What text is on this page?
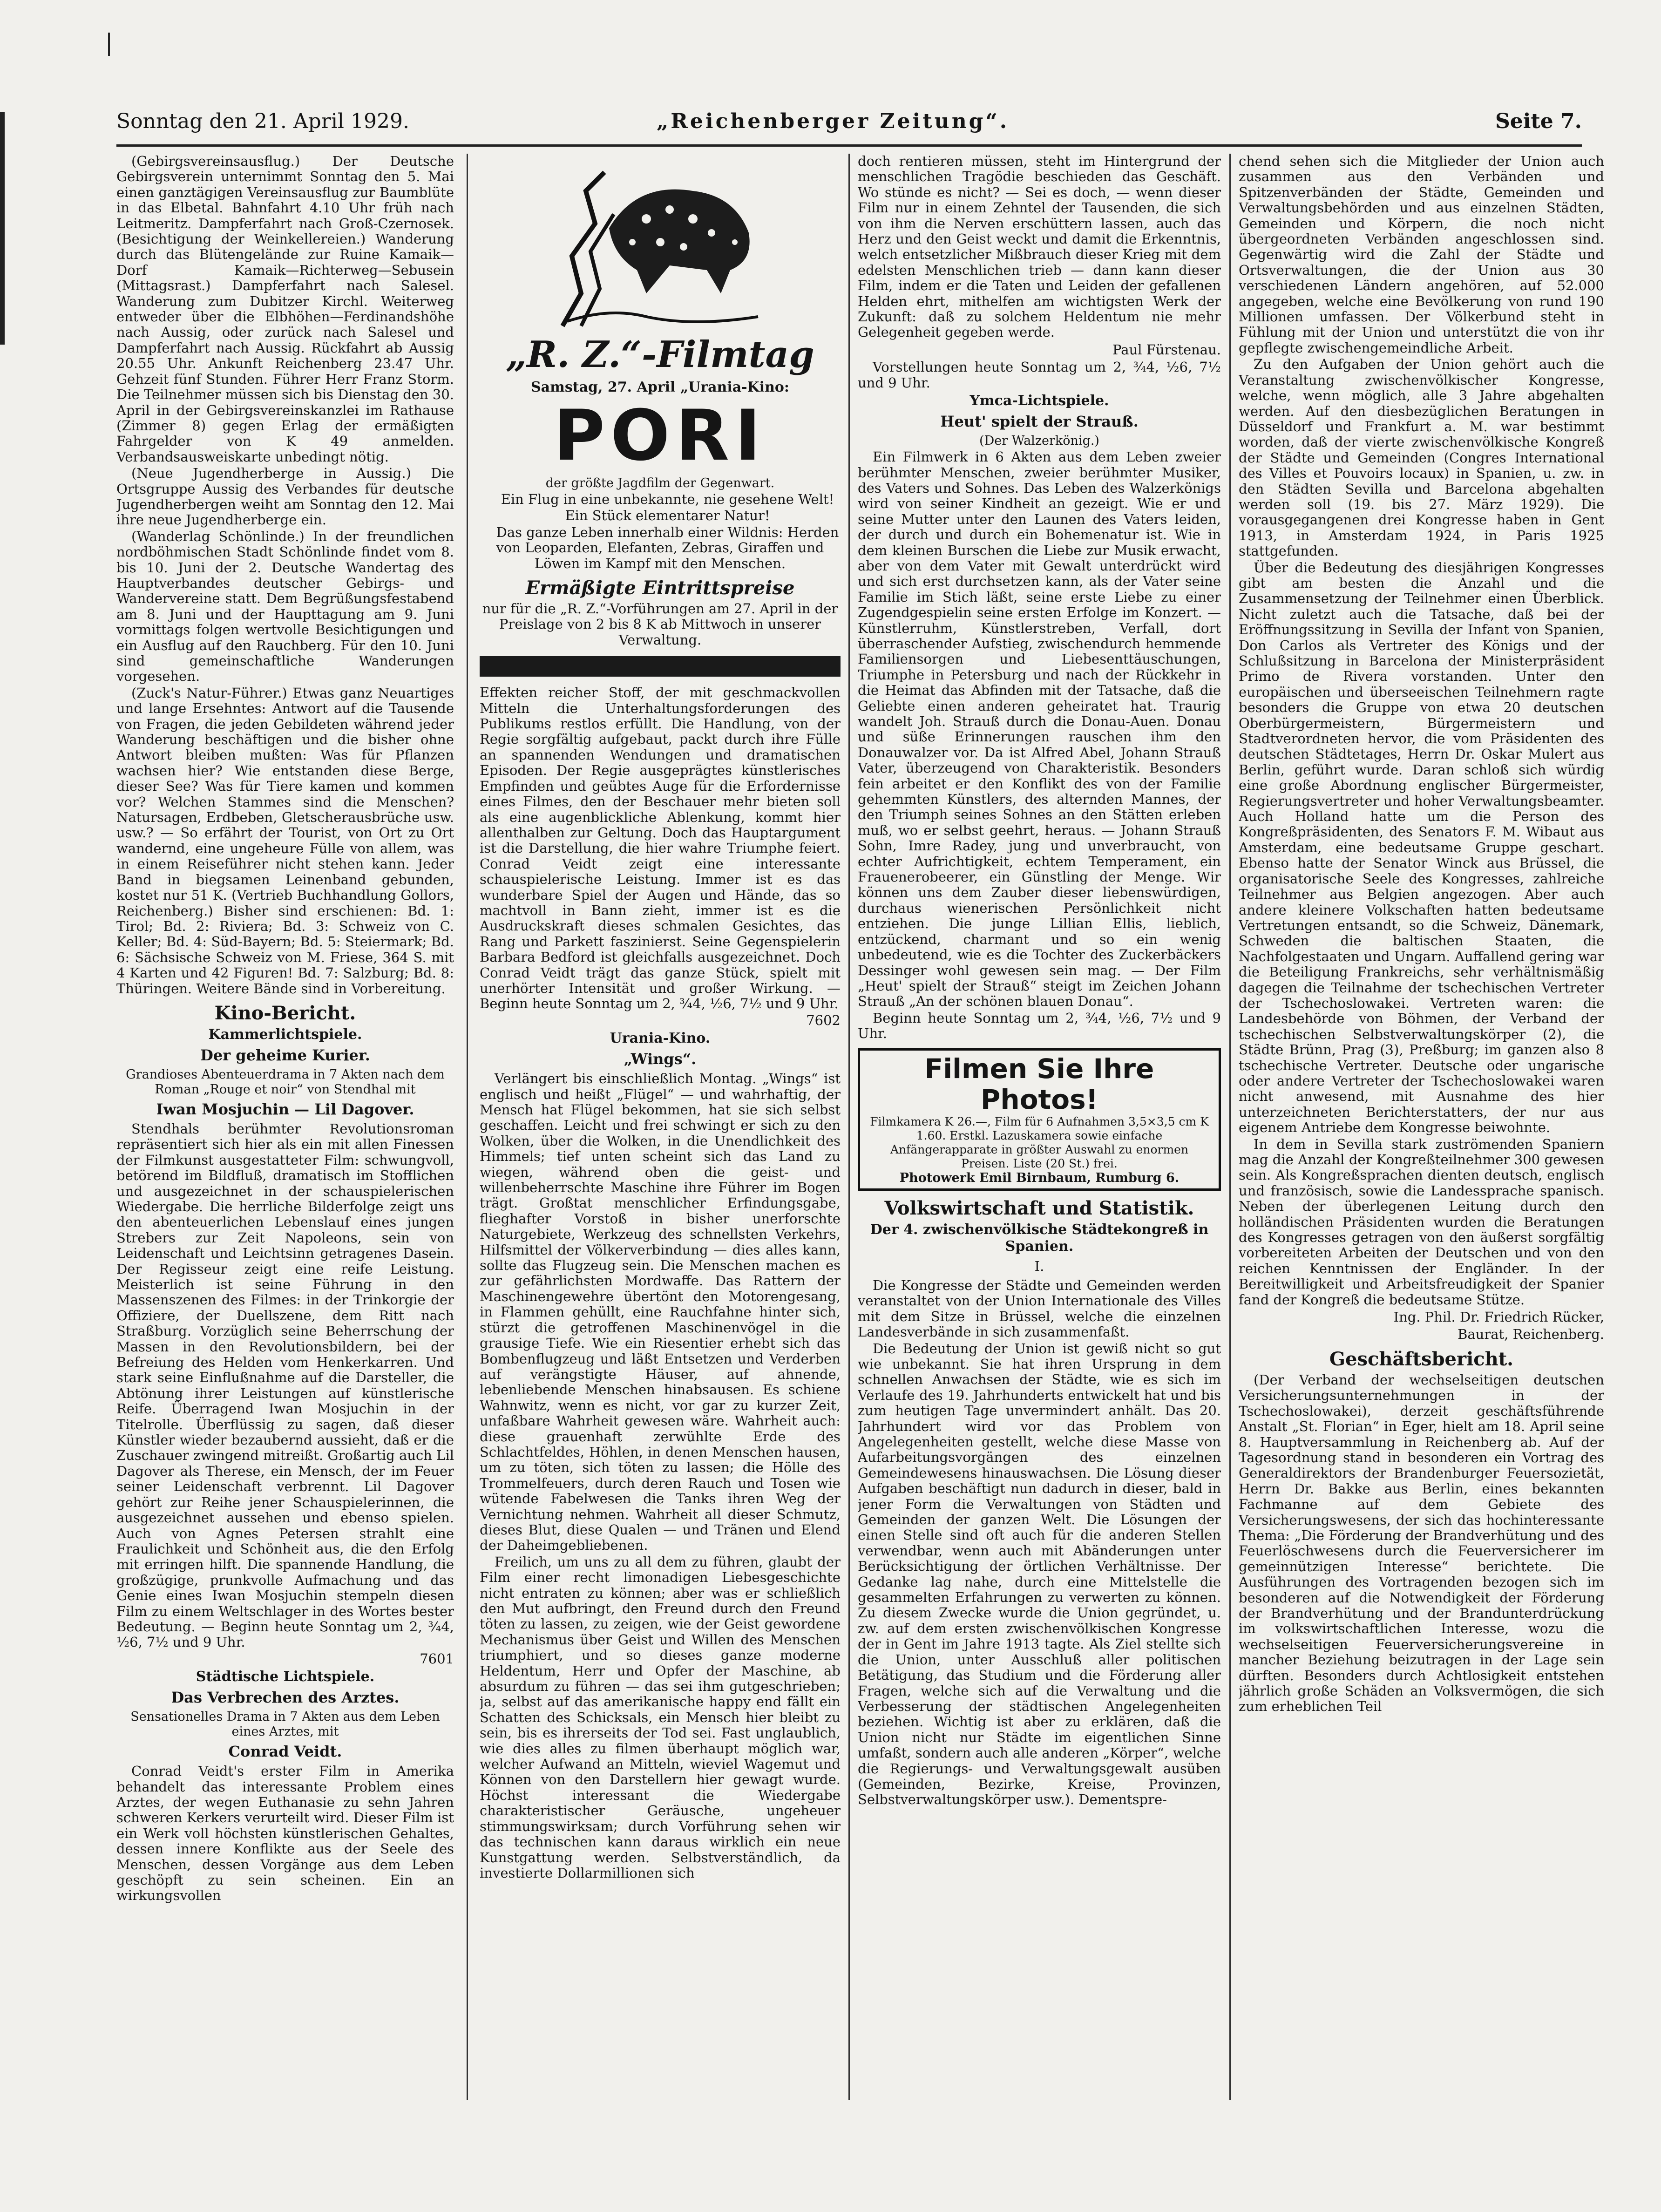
Sonntag den 21. April 1929.	„Reichenberger Zeitung“.	Seite 7.

(Gebirgsvereinsausflug.) Der Deutsche Gebirgsverein unternimmt Sonntag den 5. Mai einen ganztägigen Vereinsausflug zur Baumblüte in das Elbetal. Bahnfahrt 4.10 Uhr früh nach Leitmeritz. Dampferfahrt nach Groß-Czernosek. (Besichtigung der Weinkellereien.) Wanderung durch das Blütengelände zur Ruine Kamaik—Dorf Kamaik—Richterweg—Sebusein (Mittagsrast.) Dampferfahrt nach Salesel. Wanderung zum Dubitzer Kirchl. Weiterweg entweder über die Elbhöhen—Ferdinandshöhe nach Aussig, oder zurück nach Salesel und Dampferfahrt nach Aussig. Rückfahrt ab Aussig 20.55 Uhr. Ankunft Reichenberg 23.47 Uhr. Gehzeit fünf Stunden. Führer Herr Franz Storm. Die Teilnehmer müssen sich bis Dienstag den 30. April in der Gebirgsvereinskanzlei im Rathause (Zimmer 8) gegen Erlag der ermäßigten Fahrgelder von K 49 anmelden. Verbandsausweiskarte unbedingt nötig.

(Neue Jugendherberge in Aussig.) Die Ortsgruppe Aussig des Verbandes für deutsche Jugendherbergen weiht am Sonntag den 12. Mai ihre neue Jugendherberge ein.

(Wanderlag Schönlinde.) In der freundlichen nordböhmischen Stadt Schönlinde findet vom 8. bis 10. Juni der 2. Deutsche Wandertag des Hauptverbandes deutscher Gebirgs- und Wandervereine statt. Dem Begrüßungsfestabend am 8. Juni und der Haupttagung am 9. Juni vormittags folgen wertvolle Besichtigungen und ein Ausflug auf den Rauchberg. Für den 10. Juni sind gemeinschaftliche Wanderungen vorgesehen.

(Zuck's Natur-Führer.) Etwas ganz Neuartiges und lange Ersehntes: Antwort auf die Tausende von Fragen, die jeden Gebildeten während jeder Wanderung beschäftigen und die bisher ohne Antwort bleiben mußten: Was für Pflanzen wachsen hier? Wie entstanden diese Berge, dieser See? Was für Tiere kamen und kommen vor? Welchen Stammes sind die Menschen? Natursagen, Erdbeben, Gletscherausbrüche usw. usw.? — So erfährt der Tourist, von Ort zu Ort wandernd, eine ungeheure Fülle von allem, was in einem Reiseführer nicht stehen kann. Jeder Band in biegsamen Leinenband gebunden, kostet nur 51 K. (Vertrieb Buchhandlung Gollors, Reichenberg.) Bisher sind erschienen: Bd. 1: Tirol; Bd. 2: Riviera; Bd. 3: Schweiz von C. Keller; Bd. 4: Süd-Bayern; Bd. 5: Steiermark; Bd. 6: Sächsische Schweiz von M. Friese, 364 S. mit 4 Karten und 42 Figuren! Bd. 7: Salzburg; Bd. 8: Thüringen. Weitere Bände sind in Vorbereitung.

Kino-Bericht.
Kammerlichtspiele.
Der geheime Kurier.
Grandioses Abenteuerdrama in 7 Akten nach dem Roman „Rouge et noir“ von Stendhal mit
Iwan Mosjuchin — Lil Dagover.

Stendhals berühmter Revolutionsroman repräsentiert sich hier als ein mit allen Finessen der Filmkunst ausgestatteter Film: schwungvoll, betörend im Bildfluß, dramatisch im Stofflichen und ausgezeichnet in der schauspielerischen Wiedergabe. Die herrliche Bilderfolge zeigt uns den abenteuerlichen Lebenslauf eines jungen Strebers zur Zeit Napoleons, sein von Leidenschaft und Leichtsinn getragenes Dasein. Der Regisseur zeigt eine reife Leistung. Meisterlich ist seine Führung in den Massenszenen des Filmes: in der Trinkorgie der Offiziere, der Duellszene, dem Ritt nach Straßburg. Vorzüglich seine Beherrschung der Massen in den Revolutionsbildern, bei der Befreiung des Helden vom Henkerkarren. Und stark seine Einflußnahme auf die Darsteller, die Abtönung ihrer Leistungen auf künstlerische Reife. Überragend Iwan Mosjuchin in der Titelrolle. Überflüssig zu sagen, daß dieser Künstler wieder bezaubernd aussieht, daß er die Zuschauer zwingend mitreißt. Großartig auch Lil Dagover als Therese, ein Mensch, der im Feuer seiner Leidenschaft verbrennt. Lil Dagover gehört zur Reihe jener Schauspielerinnen, die ausgezeichnet aussehen und ebenso spielen. Auch von Agnes Petersen strahlt eine Fraulichkeit und Schönheit aus, die den Erfolg mit erringen hilft. Die spannende Handlung, die großzügige, prunkvolle Aufmachung und das Genie eines Iwan Mosjuchin stempeln diesen Film zu einem Weltschlager in des Wortes bester Bedeutung. — Beginn heute Sonntag um 2, ¾4, ½6, 7½ und 9 Uhr.

7601
Städtische Lichtspiele.
Das Verbrechen des Arztes.
Sensationelles Drama in 7 Akten aus dem Leben eines Arztes, mit
Conrad Veidt.

Conrad Veidt's erster Film in Amerika behandelt das interessante Problem eines Arztes, der wegen Euthanasie zu sehn Jahren schweren Kerkers verurteilt wird. Dieser Film ist ein Werk voll höchsten künstlerischen Gehaltes, dessen innere Konflikte aus der Seele des Menschen, dessen Vorgänge aus dem Leben geschöpft zu sein scheinen. Ein an wirkungsvollen

„R. Z.“-Filmtag
Samstag, 27. April „Urania-Kino:
PORI
der größte Jagdfilm der Gegenwart.

Ein Flug in eine unbekannte, nie gesehene Welt!

Ein Stück elementarer Natur!

Das ganze Leben innerhalb einer Wildnis: Herden von Leoparden, Elefanten, Zebras, Giraffen und Löwen im Kampf mit den Menschen.

Ermäßigte Eintrittspreise

nur für die „R. Z.“-Vorführungen am 27. April in der Preislage von 2 bis 8 K ab Mittwoch in unserer Verwaltung.

Effekten reicher Stoff, der mit geschmackvollen Mitteln die Unterhaltungsforderungen des Publikums restlos erfüllt. Die Handlung, von der Regie sorgfältig aufgebaut, packt durch ihre Fülle an spannenden Wendungen und dramatischen Episoden. Der Regie ausgeprägtes künstlerisches Empfinden und geübtes Auge für die Erfordernisse eines Filmes, den der Beschauer mehr bieten soll als eine augenblickliche Ablenkung, kommt hier allenthalben zur Geltung. Doch das Hauptargument ist die Darstellung, die hier wahre Triumphe feiert. Conrad Veidt zeigt eine interessante schauspielerische Leistung. Immer ist es das wunderbare Spiel der Augen und Hände, das so machtvoll in Bann zieht, immer ist es die Ausdruckskraft dieses schmalen Gesichtes, das Rang und Parkett faszinierst. Seine Gegenspielerin Barbara Bedford ist gleichfalls ausgezeichnet. Doch Conrad Veidt trägt das ganze Stück, spielt mit unerhörter Intensität und großer Wirkung. — Beginn heute Sonntag um 2, ¾4, ½6, 7½ und 9 Uhr.

7602
Urania-Kino.
„Wings“.

Verlängert bis einschließlich Montag. „Wings“ ist englisch und heißt „Flügel“ — und wahrhaftig, der Mensch hat Flügel bekommen, hat sie sich selbst geschaffen. Leicht und frei schwingt er sich zu den Wolken, über die Wolken, in die Unendlichkeit des Himmels; tief unten scheint sich das Land zu wiegen, während oben die geist- und willenbeherrschte Maschine ihre Führer im Bogen trägt. Großtat menschlicher Erfindungsgabe, flieghafter Vorstoß in bisher unerforschte Naturgebiete, Werkzeug des schnellsten Verkehrs, Hilfsmittel der Völkerverbindung — dies alles kann, sollte das Flugzeug sein. Die Menschen machen es zur gefährlichsten Mordwaffe. Das Rattern der Maschinengewehre übertönt den Motorengesang, in Flammen gehüllt, eine Rauchfahne hinter sich, stürzt die getroffenen Maschinenvögel in die grausige Tiefe. Wie ein Riesentier erhebt sich das Bombenflugzeug und läßt Entsetzen und Verderben auf verängstigte Häuser, auf ahnende, lebenliebende Menschen hinabsausen. Es schiene Wahnwitz, wenn es nicht, vor gar zu kurzer Zeit, unfaßbare Wahrheit gewesen wäre. Wahrheit auch: diese grauenhaft zerwühlte Erde des Schlachtfeldes, Höhlen, in denen Menschen hausen, um zu töten, sich töten zu lassen; die Hölle des Trommelfeuers, durch deren Rauch und Tosen wie wütende Fabelwesen die Tanks ihren Weg der Vernichtung nehmen. Wahrheit all dieser Schmutz, dieses Blut, diese Qualen — und Tränen und Elend der Daheimgebliebenen.

Freilich, um uns zu all dem zu führen, glaubt der Film einer recht limonadigen Liebesgeschichte nicht entraten zu können; aber was er schließlich den Mut aufbringt, den Freund durch den Freund töten zu lassen, zu zeigen, wie der Geist gewordene Mechanismus über Geist und Willen des Menschen triumphiert, und so dieses ganze moderne Heldentum, Herr und Opfer der Maschine, ab absurdum zu führen — das sei ihm gutgeschrieben; ja, selbst auf das amerikanische happy end fällt ein Schatten des Schicksals, ein Mensch hier bleibt zu sein, bis es ihrerseits der Tod sei. Fast unglaublich, wie dies alles zu filmen überhaupt möglich war, welcher Aufwand an Mitteln, wieviel Wagemut und Können von den Darstellern hier gewagt wurde. Höchst interessant die Wiedergabe charakteristischer Geräusche, ungeheuer stimmungswirksam; durch Vorführung sehen wir das technischen kann daraus wirklich ein neue Kunstgattung werden. Selbstverständlich, da investierte Dollarmillionen sich

doch rentieren müssen, steht im Hintergrund der menschlichen Tragödie beschieden das Geschäft. Wo stünde es nicht? — Sei es doch, — wenn dieser Film nur in einem Zehntel der Tausenden, die sich von ihm die Nerven erschüttern lassen, auch das Herz und den Geist weckt und damit die Erkenntnis, welch entsetzlicher Mißbrauch dieser Krieg mit dem edelsten Menschlichen trieb — dann kann dieser Film, indem er die Taten und Leiden der gefallenen Helden ehrt, mithelfen am wichtigsten Werk der Zukunft: daß zu solchem Heldentum nie mehr Gelegenheit gegeben werde.

Paul Fürstenau.

Vorstellungen heute Sonntag um 2, ¾4, ½6, 7½ und 9 Uhr.

Ymca-Lichtspiele.
Heut' spielt der Strauß.
(Der Walzerkönig.)

Ein Filmwerk in 6 Akten aus dem Leben zweier berühmter Menschen, zweier berühmter Musiker, des Vaters und Sohnes. Das Leben des Walzerkönigs wird von seiner Kindheit an gezeigt. Wie er und seine Mutter unter den Launen des Vaters leiden, der durch und durch ein Bohemenatur ist. Wie in dem kleinen Burschen die Liebe zur Musik erwacht, aber von dem Vater mit Gewalt unterdrückt wird und sich erst durchsetzen kann, als der Vater seine Familie im Stich läßt, seine erste Liebe zu einer Zugendgespielin seine ersten Erfolge im Konzert. — Künstlerruhm, Künstlerstreben, Verfall, dort überraschender Aufstieg, zwischendurch hemmende Familiensorgen und Liebesenttäuschungen, Triumphe in Petersburg und nach der Rückkehr in die Heimat das Abfinden mit der Tatsache, daß die Geliebte einen anderen geheiratet hat. Traurig wandelt Joh. Strauß durch die Donau-Auen. Donau und süße Erinnerungen rauschen ihm den Donauwalzer vor. Da ist Alfred Abel, Johann Strauß Vater, überzeugend von Charakteristik. Besonders fein arbeitet er den Konflikt des von der Familie gehemmten Künstlers, des alternden Mannes, der den Triumph seines Sohnes an den Stätten erleben muß, wo er selbst geehrt, heraus. — Johann Strauß Sohn, Imre Radey, jung und unverbraucht, von echter Aufrichtigkeit, echtem Temperament, ein Frauenerobeerer, ein Günstling der Menge. Wir können uns dem Zauber dieser liebenswürdigen, durchaus wienerischen Persönlichkeit nicht entziehen. Die junge Lillian Ellis, lieblich, entzückend, charmant und so ein wenig unbedeutend, wie es die Tochter des Zuckerbäckers Dessinger wohl gewesen sein mag. — Der Film „Heut' spielt der Strauß“ steigt im Zeichen Johann Strauß „An der schönen blauen Donau“.

Beginn heute Sonntag um 2, ¾4, ½6, 7½ und 9 Uhr.

Filmen Sie Ihre Photos!
Filmkamera K 26.—, Film für 6 Aufnahmen 3,5×3,5 cm K 1.60. Erstkl. Lazuskamera sowie einfache Anfängerapparate in größter Auswahl zu enormen Preisen. Liste (20 St.) frei.
Photowerk Emil Birnbaum, Rumburg 6.
Volkswirtschaft und Statistik.
Der 4. zwischenvölkische Städtekongreß in Spanien.
I.

Die Kongresse der Städte und Gemeinden werden veranstaltet von der Union Internationale des Villes mit dem Sitze in Brüssel, welche die einzelnen Landesverbände in sich zusammenfaßt.

Die Bedeutung der Union ist gewiß nicht so gut wie unbekannt. Sie hat ihren Ursprung in dem schnellen Anwachsen der Städte, wie es sich im Verlaufe des 19. Jahrhunderts entwickelt hat und bis zum heutigen Tage unvermindert anhält. Das 20. Jahrhundert wird vor das Problem von Angelegenheiten gestellt, welche diese Masse von Aufarbeitungsvorgängen des einzelnen Gemeindewesens hinauswachsen. Die Lösung dieser Aufgaben beschäftigt nun dadurch in dieser, bald in jener Form die Verwaltungen von Städten und Gemeinden der ganzen Welt. Die Lösungen der einen Stelle sind oft auch für die anderen Stellen verwendbar, wenn auch mit Abänderungen unter Berücksichtigung der örtlichen Verhältnisse. Der Gedanke lag nahe, durch eine Mittelstelle die gesammelten Erfahrungen zu verwerten zu können. Zu diesem Zwecke wurde die Union gegründet, u. zw. auf dem ersten zwischenvölkischen Kongresse der in Gent im Jahre 1913 tagte. Als Ziel stellte sich die Union, unter Ausschluß aller politischen Betätigung, das Studium und die Förderung aller Fragen, welche sich auf die Verwaltung und die Verbesserung der städtischen Angelegenheiten beziehen. Wichtig ist aber zu erklären, daß die Union nicht nur Städte im eigentlichen Sinne umfaßt, sondern auch alle anderen „Körper“, welche die Regierungs- und Verwaltungsgewalt ausüben (Gemeinden, Bezirke, Kreise, Provinzen, Selbstverwaltungskörper usw.). Dementspre-

chend sehen sich die Mitglieder der Union auch zusammen aus den Verbänden und Spitzenverbänden der Städte, Gemeinden und Verwaltungsbehörden und aus einzelnen Städten, Gemeinden und Körpern, die noch nicht übergeordneten Verbänden angeschlossen sind. Gegenwärtig wird die Zahl der Städte und Ortsverwaltungen, die der Union aus 30 verschiedenen Ländern angehören, auf 52.000 angegeben, welche eine Bevölkerung von rund 190 Millionen umfassen. Der Völkerbund steht in Fühlung mit der Union und unterstützt die von ihr gepflegte zwischengemeindliche Arbeit.

Zu den Aufgaben der Union gehört auch die Veranstaltung zwischenvölkischer Kongresse, welche, wenn möglich, alle 3 Jahre abgehalten werden. Auf den diesbezüglichen Beratungen in Düsseldorf und Frankfurt a. M. war bestimmt worden, daß der vierte zwischenvölkische Kongreß der Städte und Gemeinden (Congres International des Villes et Pouvoirs locaux) in Spanien, u. zw. in den Städten Sevilla und Barcelona abgehalten werden soll (19. bis 27. März 1929). Die vorausgegangenen drei Kongresse haben in Gent 1913, in Amsterdam 1924, in Paris 1925 stattgefunden.

Über die Bedeutung des diesjährigen Kongresses gibt am besten die Anzahl und die Zusammensetzung der Teilnehmer einen Überblick. Nicht zuletzt auch die Tatsache, daß bei der Eröffnungssitzung in Sevilla der Infant von Spanien, Don Carlos als Vertreter des Königs und der Schlußsitzung in Barcelona der Ministerpräsident Primo de Rivera vorstanden. Unter den europäischen und überseeischen Teilnehmern ragte besonders die Gruppe von etwa 20 deutschen Oberbürgermeistern, Bürgermeistern und Stadtverordneten hervor, die vom Präsidenten des deutschen Städtetages, Herrn Dr. Oskar Mulert aus Berlin, geführt wurde. Daran schloß sich würdig eine große Abordnung englischer Bürgermeister, Regierungsvertreter und hoher Verwaltungsbeamter. Auch Holland hatte um die Person des Kongreßpräsidenten, des Senators F. M. Wibaut aus Amsterdam, eine bedeutsame Gruppe geschart. Ebenso hatte der Senator Winck aus Brüssel, die organisatorische Seele des Kongresses, zahlreiche Teilnehmer aus Belgien angezogen. Aber auch andere kleinere Volkschaften hatten bedeutsame Vertretungen entsandt, so die Schweiz, Dänemark, Schweden die baltischen Staaten, die Nachfolgestaaten und Ungarn. Auffallend gering war die Beteiligung Frankreichs, sehr verhältnismäßig dagegen die Teilnahme der tschechischen Vertreter der Tschechoslowakei. Vertreten waren: die Landesbehörde von Böhmen, der Verband der tschechischen Selbstverwaltungskörper (2), die Städte Brünn, Prag (3), Preßburg; im ganzen also 8 tschechische Vertreter. Deutsche oder ungarische oder andere Vertreter der Tschechoslowakei waren nicht anwesend, mit Ausnahme des hier unterzeichneten Berichterstatters, der nur aus eigenem Antriebe dem Kongresse beiwohnte.

In dem in Sevilla stark zuströmenden Spaniern mag die Anzahl der Kongreßteilnehmer 300 gewesen sein. Als Kongreßsprachen dienten deutsch, englisch und französisch, sowie die Landessprache spanisch. Neben der überlegenen Leitung durch den holländischen Präsidenten wurden die Beratungen des Kongresses getragen von den äußerst sorgfältig vorbereiteten Arbeiten der Deutschen und von den reichen Kenntnissen der Engländer. In der Bereitwilligkeit und Arbeitsfreudigkeit der Spanier fand der Kongreß die bedeutsame Stütze.

Ing. Phil. Dr. Friedrich Rücker,
Baurat, Reichenberg.
Geschäftsbericht.

(Der Verband der wechselseitigen deutschen Versicherungsunternehmungen in der Tschechoslowakei), derzeit geschäftsführende Anstalt „St. Florian“ in Eger, hielt am 18. April seine 8. Hauptversammlung in Reichenberg ab. Auf der Tagesordnung stand in besonderen ein Vortrag des Generaldirektors der Brandenburger Feuersozietät, Herrn Dr. Bakke aus Berlin, eines bekannten Fachmanne auf dem Gebiete des Versicherungswesens, der sich das hochinteressante Thema: „Die Förderung der Brandverhütung und des Feuerlöschwesens durch die Feuerversicherer im gemeinnützigen Interesse“ berichtete. Die Ausführungen des Vortragenden bezogen sich im besonderen auf die Notwendigkeit der Förderung der Brandverhütung und der Brandunterdrückung im volkswirtschaftlichen Interesse, wozu die wechselseitigen Feuerversicherungsvereine in mancher Beziehung beizutragen in der Lage sein dürften. Besonders durch Achtlosigkeit entstehen jährlich große Schäden an Volksvermögen, die sich zum erheblichen Teil
